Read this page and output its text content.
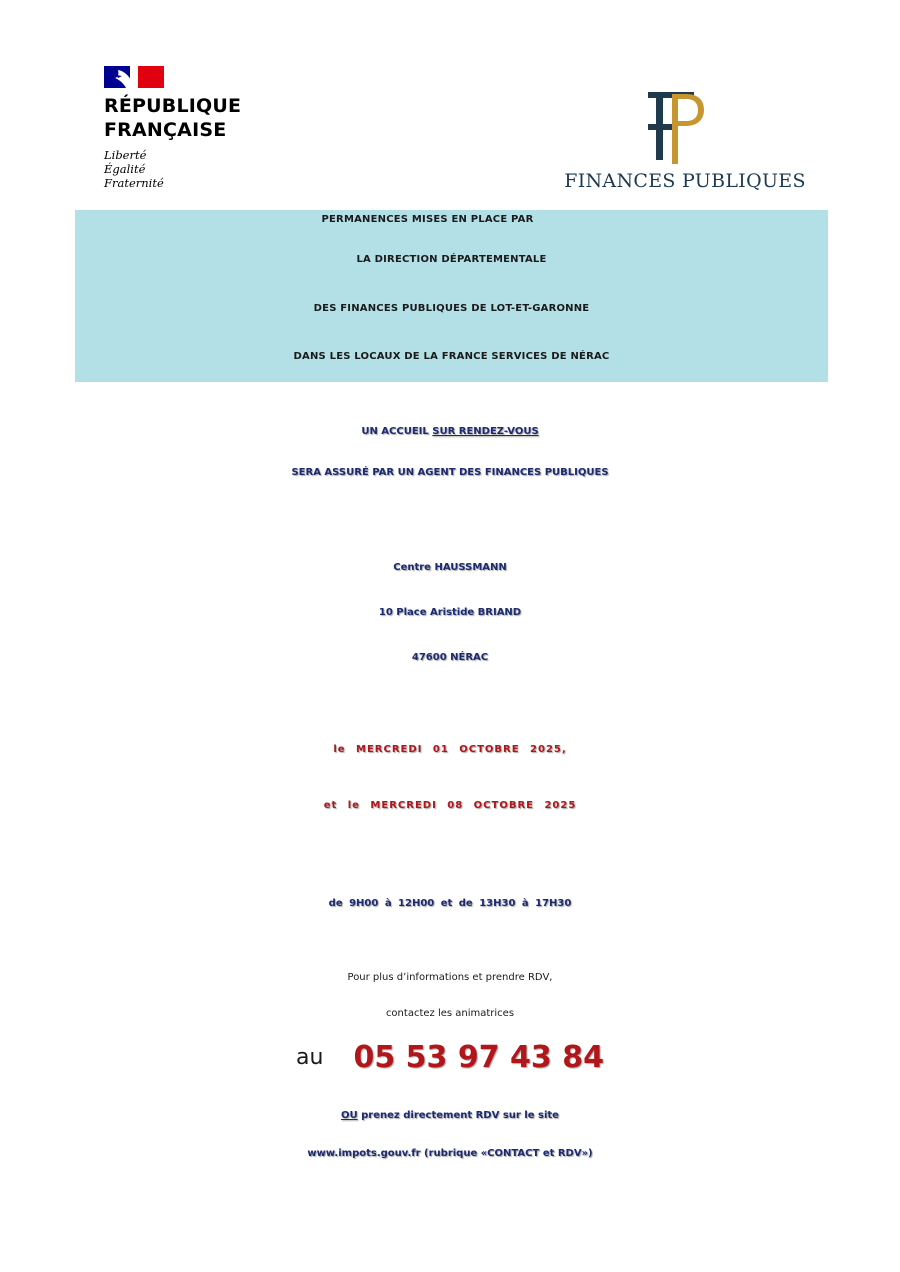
RÉPUBLIQUE
FRANÇAISE

Liberté
Égalité
Fraternité	FINANCES PUBLIQUES
PERMANENCES MISES EN PLACE PAR
LA DIRECTION DÉPARTEMENTALE
DES FINANCES PUBLIQUES DE LOT-ET-GARONNE
DANS LES LOCAUX DE LA FRANCE SERVICES DE NÉRAC

UN ACCUEIL SUR RENDEZ-VOUS

SERA ASSURÉ PAR UN AGENT DES FINANCES PUBLIQUES

Centre HAUSSMANN

10 Place Aristide BRIAND

47600 NÉRAC

le MERCREDI 01 OCTOBRE 2025,

et le MERCREDI 08 OCTOBRE 2025

de 9H00 à 12H00 et de 13H30 à 17H30

Pour plus d’informations et prendre RDV,

contactez les animatrices

au 05 53 97 43 84

OU prenez directement RDV sur le site

www.impots.gouv.fr (rubrique «CONTACT et RDV»)
